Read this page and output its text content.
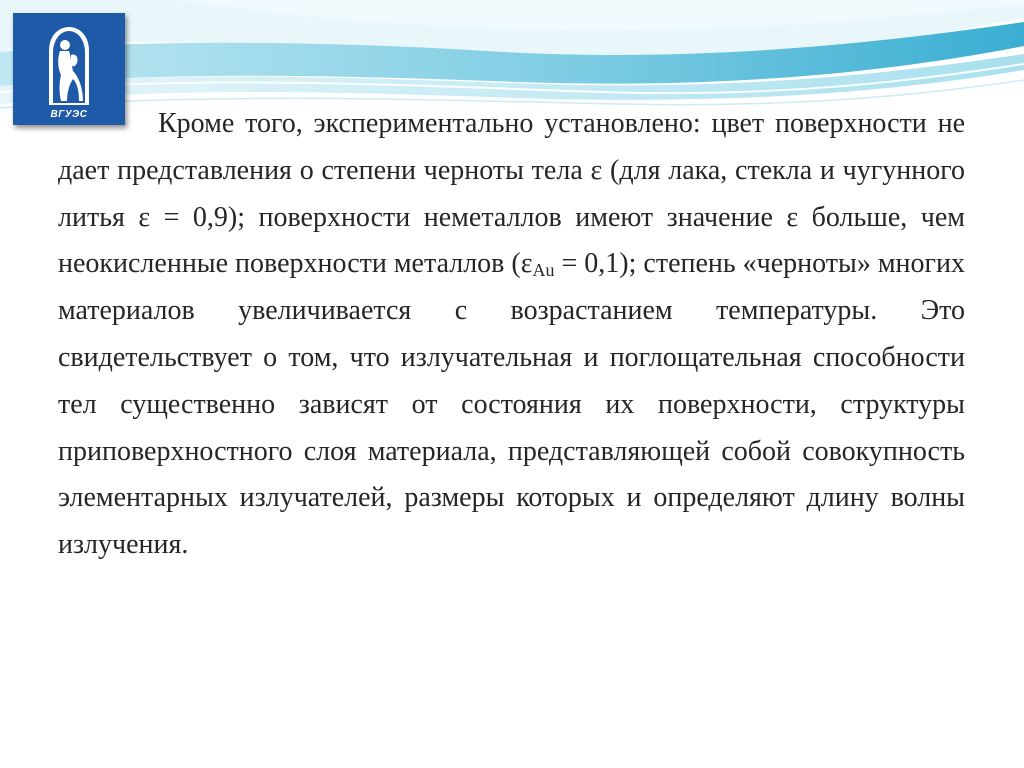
ВГУЭС	Кроме того, экспериментально установлено: цвет поверхности не дает представления о степени черноты тела ε (для лака, стекла и чугунного литья ε = 0,9); поверхности неметаллов имеют значение ε больше, чем неокисленные поверхности металлов $(\varepsilon_{Au} = 0,1)$; степень «черноты» многих материалов увеличивается с возрастанием температуры. Это свидетельствует о том, что излучательная и поглощательная способности тел существенно зависят от состояния их поверхности, структуры приповерхностного слоя материала, представляющей собой совокупность элементарных излучателей, размеры которых и определяют длину волны излучения.
